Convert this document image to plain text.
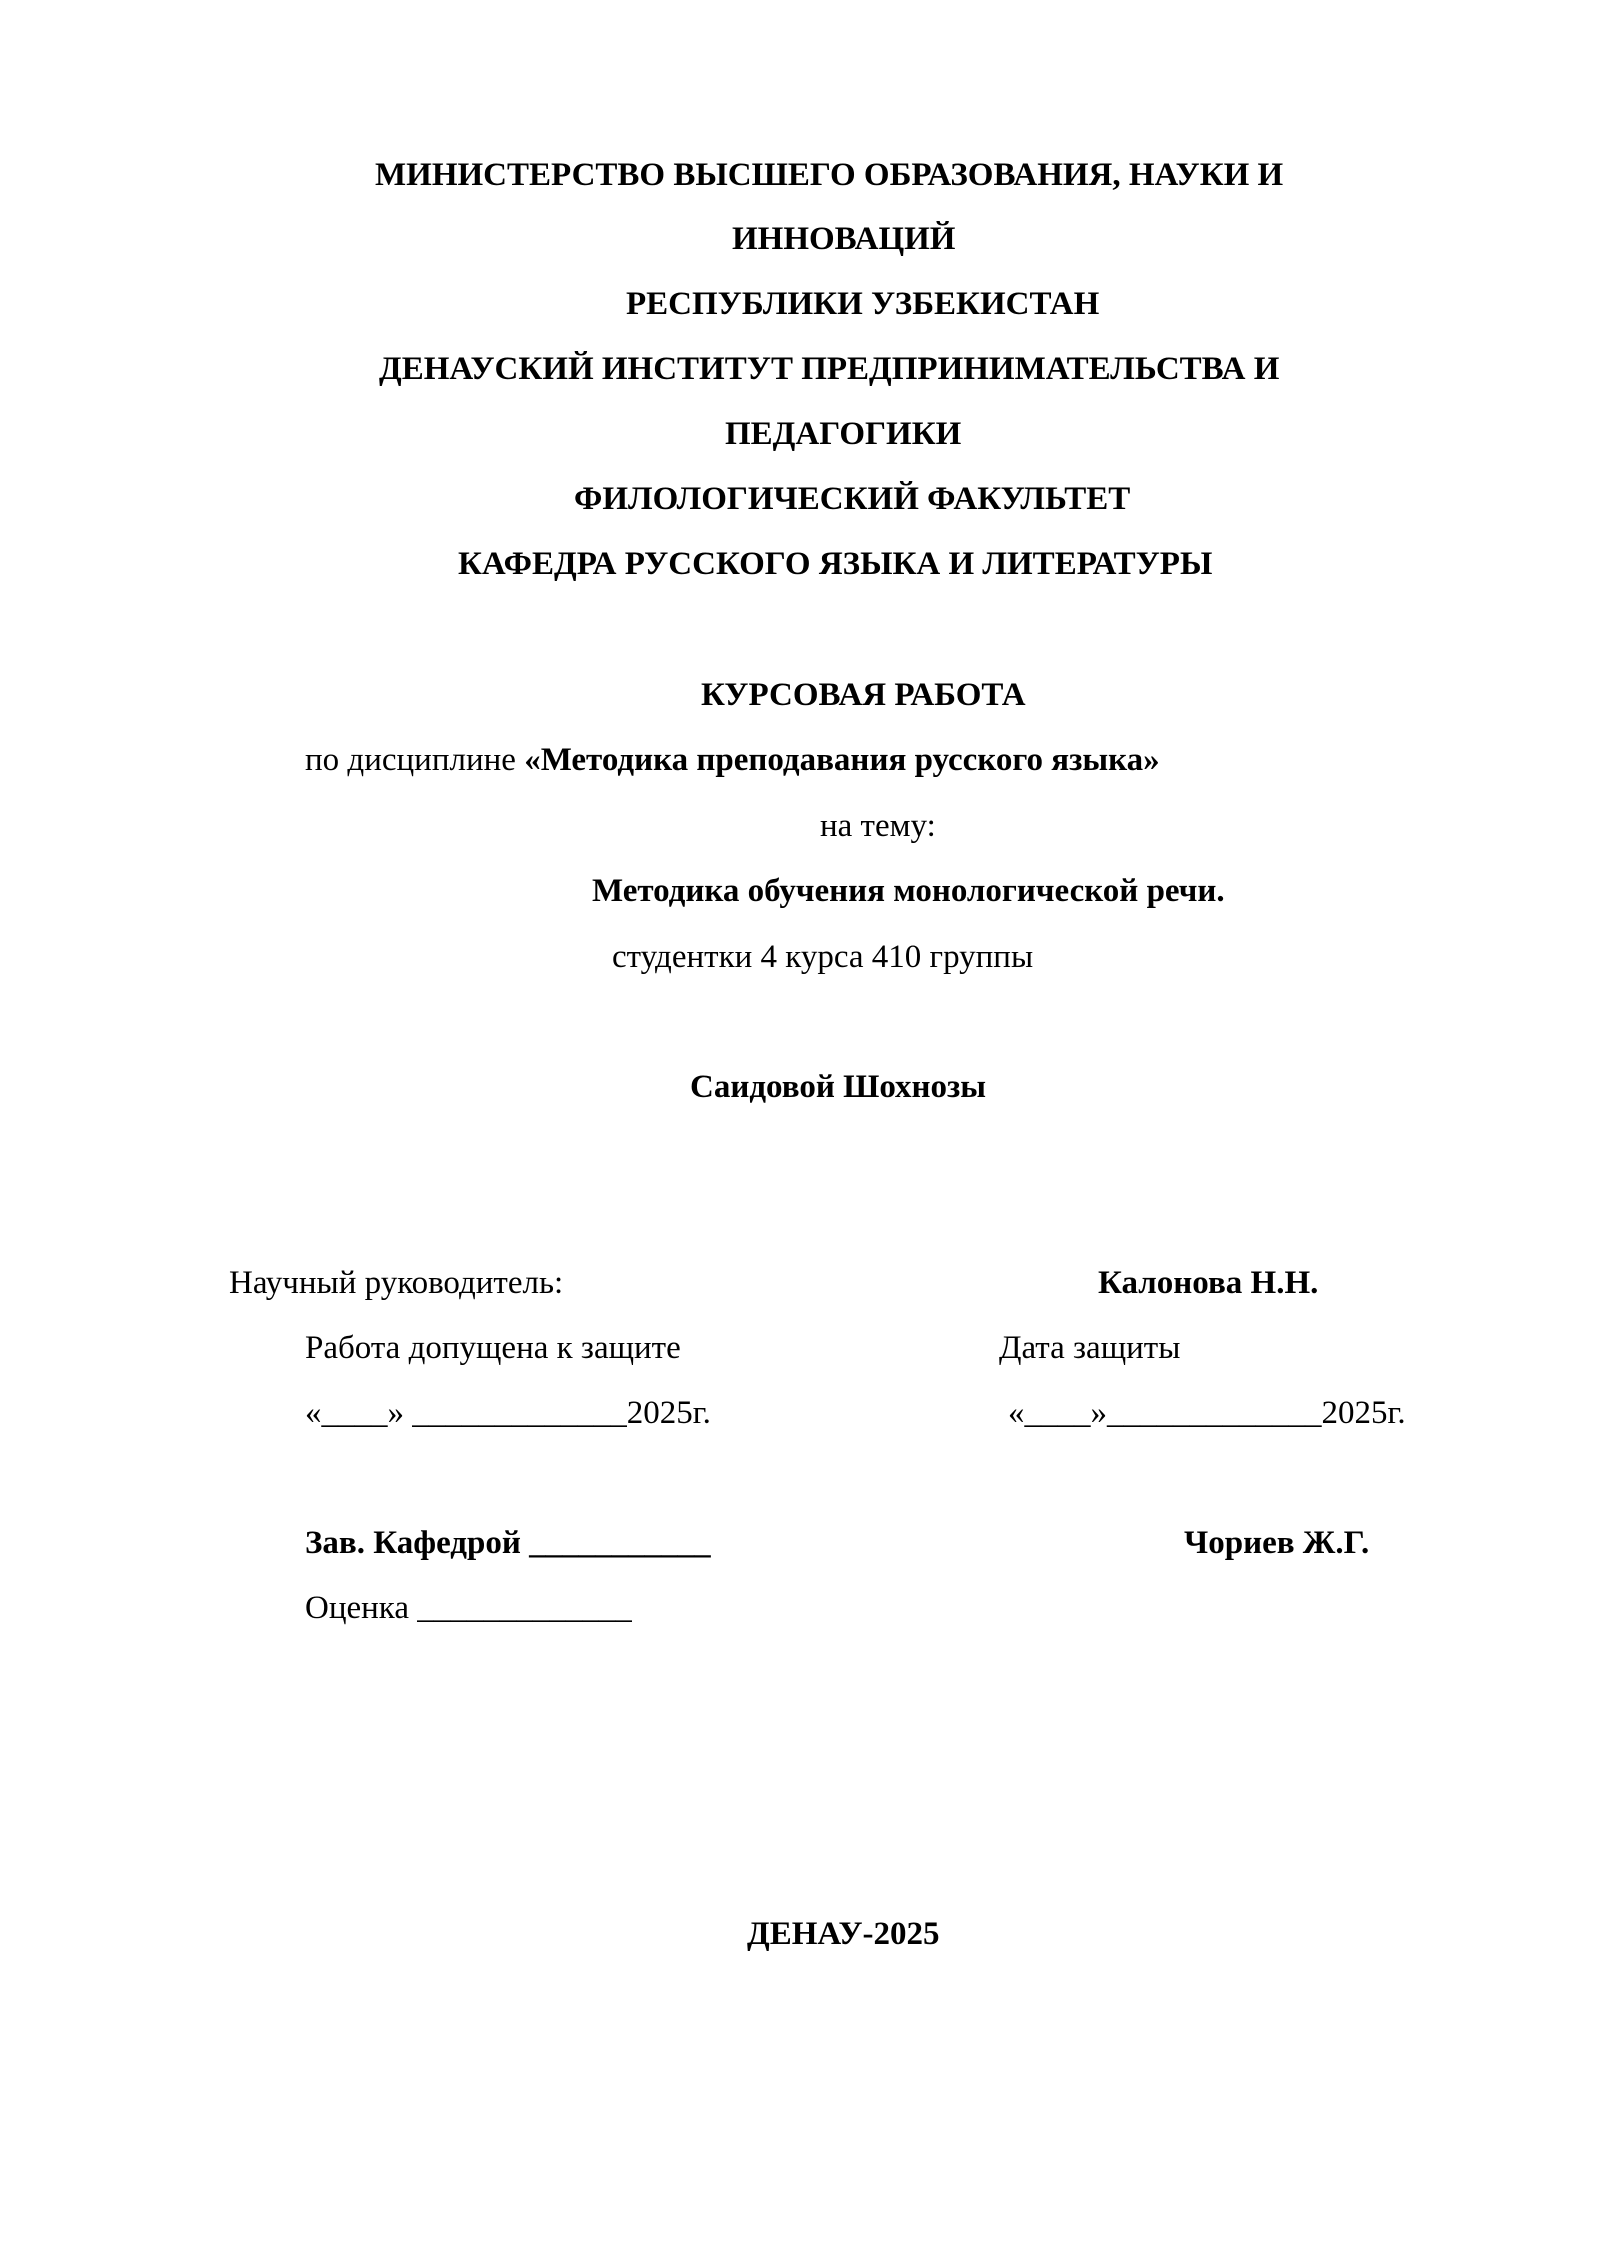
МИНИСТЕРСТВО ВЫСШЕГО ОБРАЗОВАНИЯ, НАУКИ И

ИННОВАЦИЙ

РЕСПУБЛИКИ УЗБЕКИСТАН

ДЕНАУСКИЙ ИНСТИТУТ ПРЕДПРИНИМАТЕЛЬСТВА И

ПЕДАГОГИКИ

ФИЛОЛОГИЧЕСКИЙ ФАКУЛЬТЕТ

КАФЕДРА РУССКОГО ЯЗЫКА И ЛИТЕРАТУРЫ

КУРСОВАЯ РАБОТА

по дисциплине «Методика преподавания русского языка»

на тему:

Методика обучения монологической речи.

студентки 4 курса 410 группы

Саидовой Шохнозы

Научный руководитель:	Калонова Н.Н.

Работа допущена к защите	Дата защиты

«____» _____________2025г.	«____»_____________2025г.

Зав. Кафедрой ___________	Чориев Ж.Г.

Оценка _____________

ДЕНАУ-2025
